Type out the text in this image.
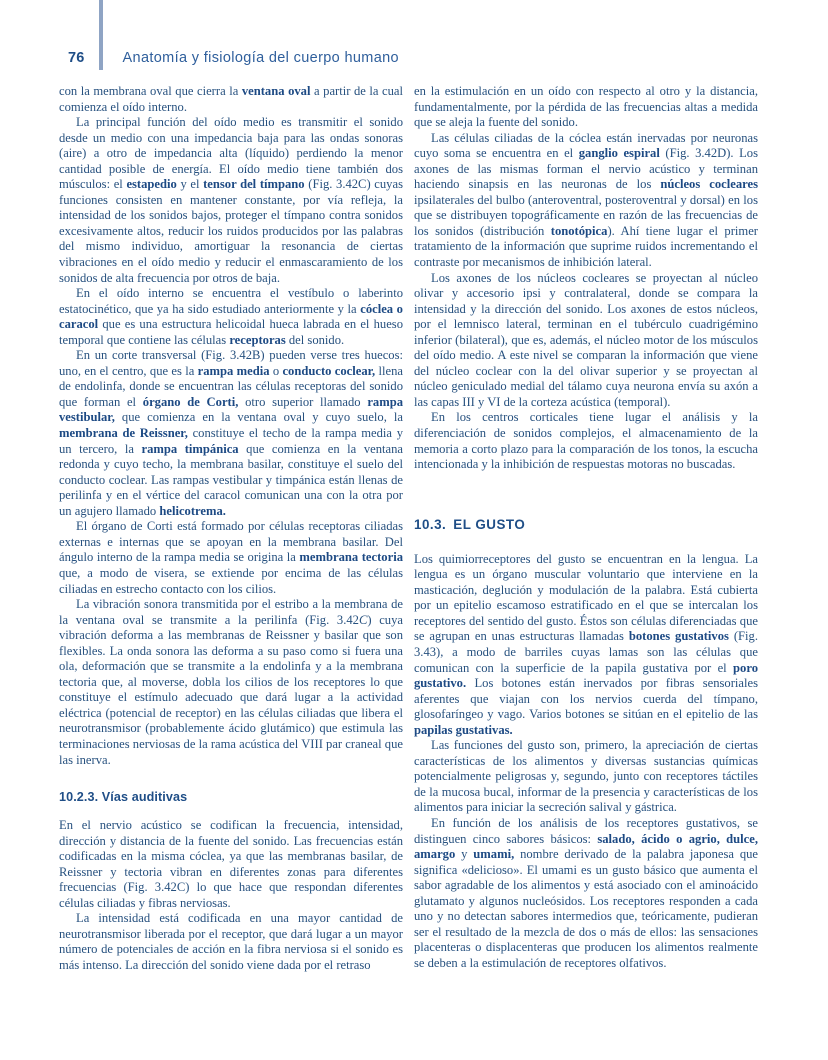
76	Anatomía y fisiología del cuerpo humano

con la membrana oval que cierra la ventana oval a partir de la cual comienza el oído interno.

La principal función del oído medio es transmitir el sonido desde un medio con una impedancia baja para las ondas sonoras (aire) a otro de impedancia alta (líquido) perdiendo la menor cantidad posible de energía. El oído medio tiene también dos músculos: el estapedio y el tensor del tímpano (Fig. 3.42C) cuyas funciones consisten en mantener constante, por vía refleja, la intensidad de los sonidos bajos, proteger el tímpano contra sonidos excesivamente altos, reducir los ruidos producidos por las palabras del mismo individuo, amortiguar la resonancia de ciertas vibraciones en el oído medio y reducir el enmascaramiento de los sonidos de alta frecuencia por otros de baja.

En el oído interno se encuentra el vestíbulo o laberinto estatocinético, que ya ha sido estudiado anteriormente y la cóclea o caracol que es una estructura helicoidal hueca labrada en el hueso temporal que contiene las células receptoras del sonido.

En un corte transversal (Fig. 3.42B) pueden verse tres huecos: uno, en el centro, que es la rampa media o conducto coclear, llena de endolinfa, donde se encuentran las células receptoras del sonido que forman el órgano de Corti, otro superior llamado rampa vestibular, que comienza en la ventana oval y cuyo suelo, la membrana de Reissner, constituye el techo de la rampa media y un tercero, la rampa timpánica que comienza en la ventana redonda y cuyo techo, la membrana basilar, constituye el suelo del conducto coclear. Las rampas vestibular y timpánica están llenas de perilinfa y en el vértice del caracol comunican una con la otra por un agujero llamado helicotrema.

El órgano de Corti está formado por células receptoras ciliadas externas e internas que se apoyan en la membrana basilar. Del ángulo interno de la rampa media se origina la membrana tectoria que, a modo de visera, se extiende por encima de las células ciliadas en estrecho contacto con los cilios.

La vibración sonora transmitida por el estribo a la membrana de la ventana oval se transmite a la perilinfa (Fig. 3.42C) cuya vibración deforma a las membranas de Reissner y basilar que son flexibles. La onda sonora las deforma a su paso como si fuera una ola, deformación que se transmite a la endolinfa y a la membrana tectoria que, al moverse, dobla los cilios de los receptores lo que constituye el estímulo adecuado que dará lugar a la actividad eléctrica (potencial de receptor) en las células ciliadas que libera el neurotransmisor (probablemente ácido glutámico) que estimula las terminaciones nerviosas de la rama acústica del VIII par craneal que las inerva.

10.2.3. Vías auditivas

En el nervio acústico se codifican la frecuencia, intensidad, dirección y distancia de la fuente del sonido. Las frecuencias están codificadas en la misma cóclea, ya que las membranas basilar, de Reissner y tectoria vibran en diferentes zonas para diferentes frecuencias (Fig. 3.42C) lo que hace que respondan diferentes células ciliadas y fibras nerviosas.

La intensidad está codificada en una mayor cantidad de neurotransmisor liberada por el receptor, que dará lugar a un mayor número de potenciales de acción en la fibra nerviosa si el sonido es más intenso. La dirección del sonido viene dada por el retraso

en la estimulación en un oído con respecto al otro y la distancia, fundamentalmente, por la pérdida de las frecuencias altas a medida que se aleja la fuente del sonido.

Las células ciliadas de la cóclea están inervadas por neuronas cuyo soma se encuentra en el ganglio espiral (Fig. 3.42D). Los axones de las mismas forman el nervio acústico y terminan haciendo sinapsis en las neuronas de los núcleos cocleares ipsilaterales del bulbo (anteroventral, posteroventral y dorsal) en los que se distribuyen topográficamente en razón de las frecuencias de los sonidos (distribución tonotópica). Ahí tiene lugar el primer tratamiento de la información que suprime ruidos incrementando el contraste por mecanismos de inhibición lateral.

Los axones de los núcleos cocleares se proyectan al núcleo olivar y accesorio ipsi y contralateral, donde se compara la intensidad y la dirección del sonido. Los axones de estos núcleos, por el lemnisco lateral, terminan en el tubérculo cuadrigémino inferior (bilateral), que es, además, el núcleo motor de los músculos del oído medio. A este nivel se comparan la información que viene del núcleo coclear con la del olivar superior y se proyectan al núcleo geniculado medial del tálamo cuya neurona envía su axón a las capas III y VI de la corteza acústica (temporal).

En los centros corticales tiene lugar el análisis y la diferenciación de sonidos complejos, el almacenamiento de la memoria a corto plazo para la comparación de los tonos, la escucha intencionada y la inhibición de respuestas motoras no buscadas.

10.3. EL GUSTO

Los quimiorreceptores del gusto se encuentran en la lengua. La lengua es un órgano muscular voluntario que interviene en la masticación, deglución y modulación de la palabra. Está cubierta por un epitelio escamoso estratificado en el que se intercalan los receptores del sentido del gusto. Éstos son células diferenciadas que se agrupan en unas estructuras llamadas botones gustativos (Fig. 3.43), a modo de barriles cuyas lamas son las células que comunican con la superficie de la papila gustativa por el poro gustativo. Los botones están inervados por fibras sensoriales aferentes que viajan con los nervios cuerda del tímpano, glosofaríngeo y vago. Varios botones se sitúan en el epitelio de las papilas gustativas.

Las funciones del gusto son, primero, la apreciación de ciertas características de los alimentos y diversas sustancias químicas potencialmente peligrosas y, segundo, junto con receptores táctiles de la mucosa bucal, informar de la presencia y características de los alimentos para iniciar la secreción salival y gástrica.

En función de los análisis de los receptores gustativos, se distinguen cinco sabores básicos: salado, ácido o agrio, dulce, amargo y umami, nombre derivado de la palabra japonesa que significa «delicioso». El umami es un gusto básico que aumenta el sabor agradable de los alimentos y está asociado con el aminoácido glutamato y algunos nucleósidos. Los receptores responden a cada uno y no detectan sabores intermedios que, teóricamente, pudieran ser el resultado de la mezcla de dos o más de ellos: las sensaciones placenteras o displacenteras que producen los alimentos realmente se deben a la estimulación de receptores olfativos.
